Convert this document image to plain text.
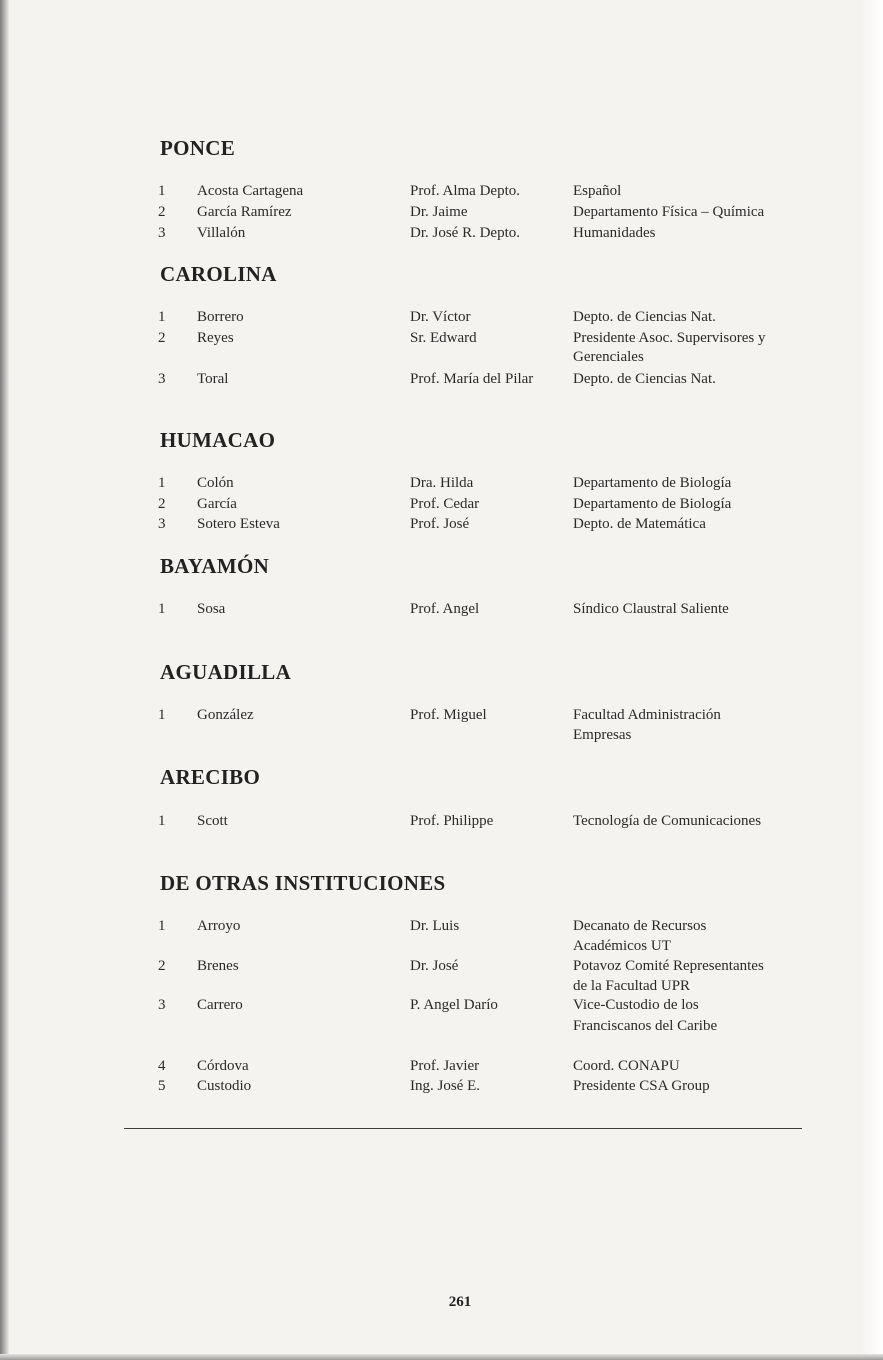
PONCE
1	Acosta Cartagena	Prof. Alma Depto.	Español
2	García Ramírez	Dr. Jaime	Departamento Física – Química
3	Villalón	Dr. José R. Depto.	Humanidades
CAROLINA
1	Borrero	Dr. Víctor	Depto. de Ciencias Nat.
2	Reyes	Sr. Edward	Presidente Asoc. Supervisores y
Gerenciales
3	Toral	Prof. María del Pilar	Depto. de Ciencias Nat.
HUMACAO
1	Colón	Dra. Hilda	Departamento de Biología
2	García	Prof. Cedar	Departamento de Biología
3	Sotero Esteva	Prof. José	Depto. de Matemática
BAYAMÓN
1	Sosa	Prof. Angel	Síndico Claustral Saliente
AGUADILLA
1	González	Prof. Miguel	Facultad Administración
Empresas
ARECIBO
1	Scott	Prof. Philippe	Tecnología de Comunicaciones
DE OTRAS INSTITUCIONES
1	Arroyo	Dr. Luis	Decanato de Recursos
Académicos UT
2	Brenes	Dr. José	Potavoz Comité Representantes
de la Facultad UPR
3	Carrero	P. Angel Darío	Vice-Custodio de los
Franciscanos del Caribe
4	Córdova	Prof. Javier	Coord. CONAPU
5	Custodio	Ing. José E.	Presidente CSA Group
261
